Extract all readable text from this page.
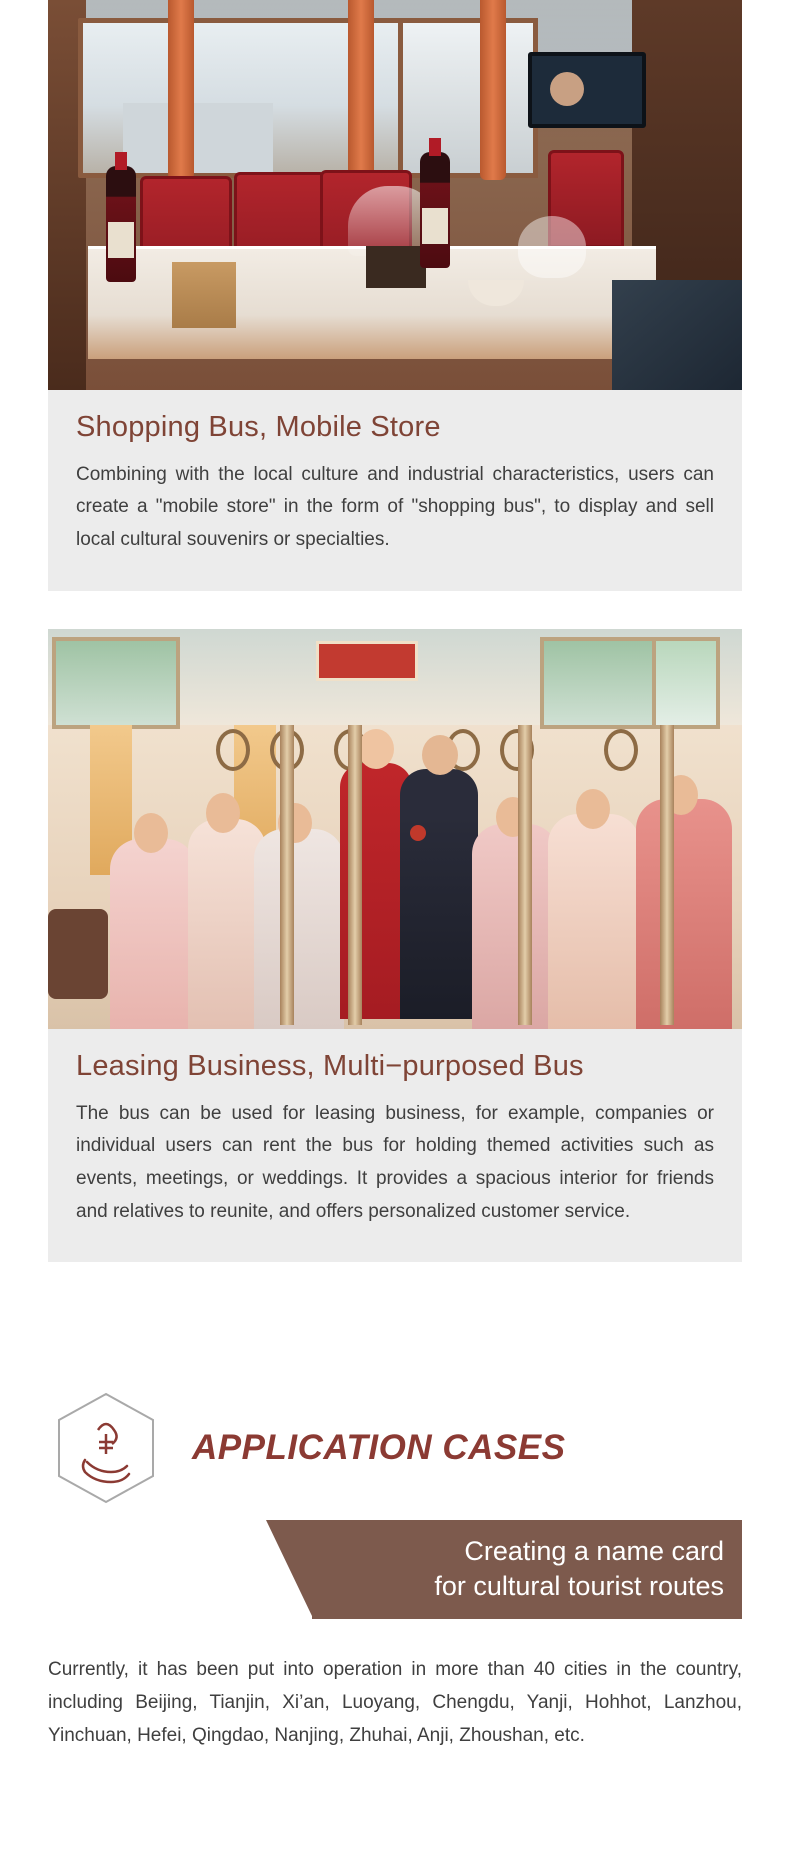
Shopping Bus, Mobile Store

Combining with the local culture and industrial characteristics, users can create a "mobile store" in the form of "shopping bus", to display and sell local cultural souvenirs or specialties.

Leasing Business, Multi−purposed Bus

The bus can be used for leasing business, for example, companies or individual users can rent the bus for holding themed activities such as events, meetings, or weddings. It provides a spacious interior for friends and relatives to reunite, and offers personalized customer service.

APPLICATION CASES
Creating a name card
for cultural tourist routes

Currently, it has been put into operation in more than 40 cities in the country, including Beijing, Tianjin, Xi’an, Luoyang, Chengdu, Yanji, Hohhot, Lanzhou, Yinchuan, Hefei, Qingdao, Nanjing, Zhuhai, Anji, Zhoushan, etc.
